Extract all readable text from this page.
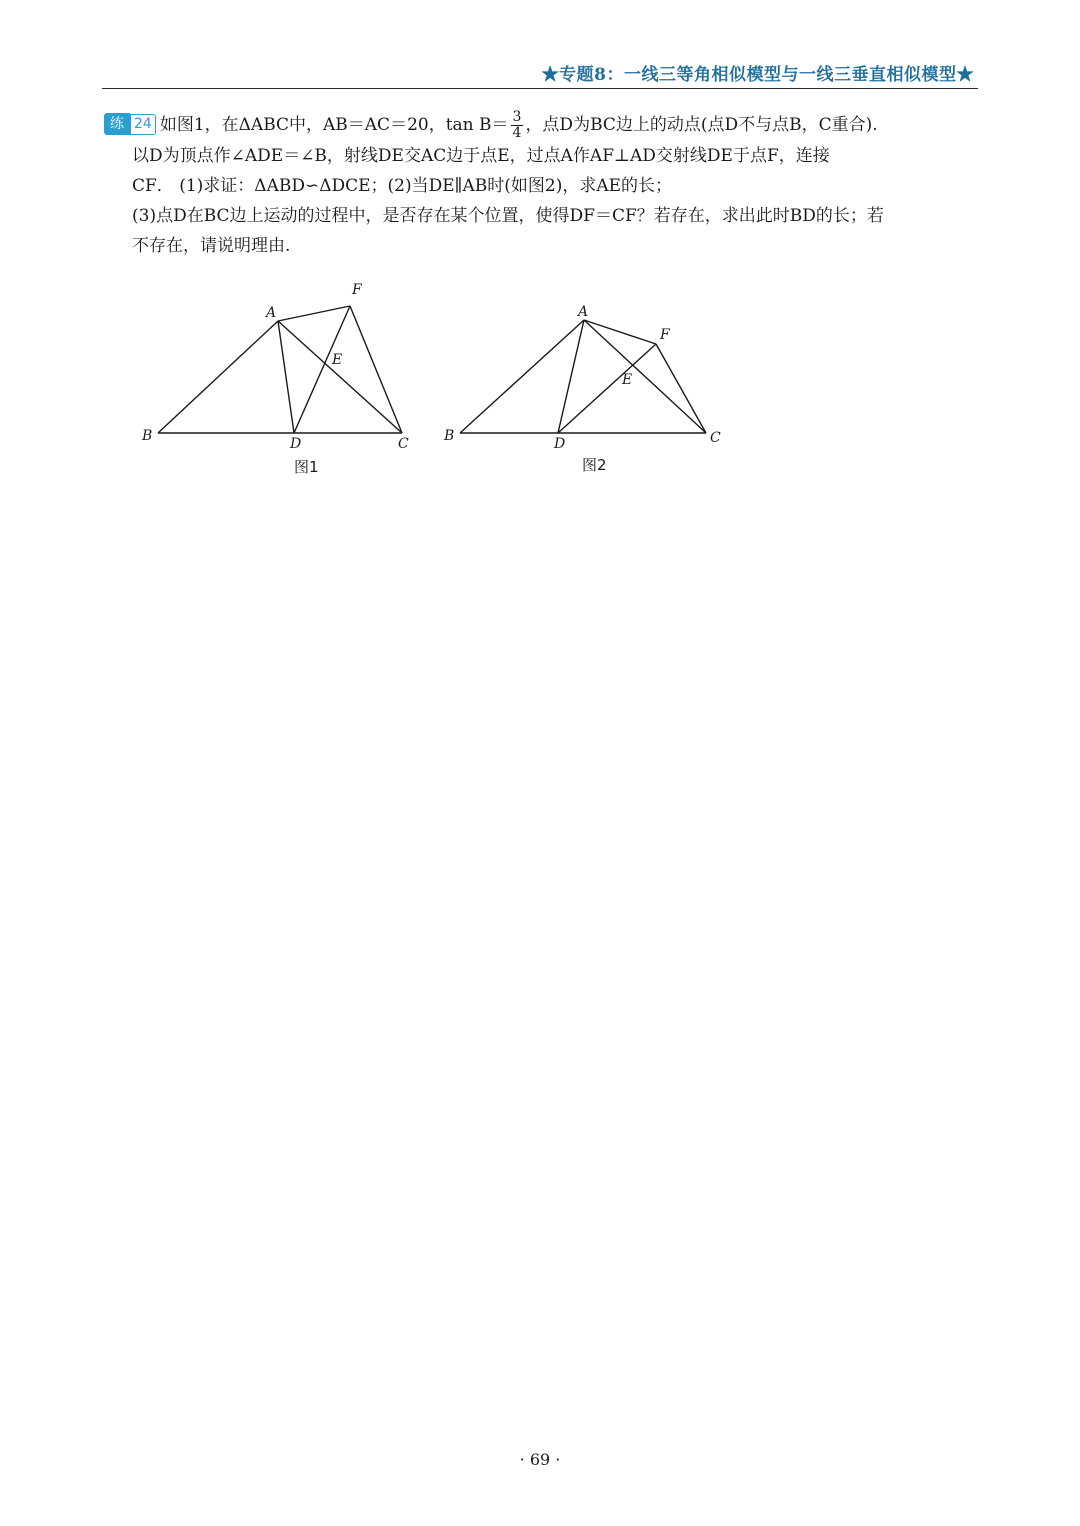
★专题8：一线三等角相似模型与一线三垂直相似模型★

练 24 如图1，在ΔABC中，AB＝AC＝20，$\tan B= \frac{3}{4}$ ，点D为BC边上的动点(点D不与点B，C重合).

以D为顶点作∠ADE＝∠B，射线DE交AC边于点E，过点A作AF⊥AD交射线DE于点F，连接

CF． (1)求证：ΔABD∽ΔDCE；(2)当DE∥AB时(如图2)，求AE的长；

(3)点D在BC边上运动的过程中，是否存在某个位置，使得DF＝CF？若存在，求出此时BD的长；若

不存在，请说明理由.

A
B	C
D
E
F
图1
A
B	C
D
E
F
图2
· 69 ·
